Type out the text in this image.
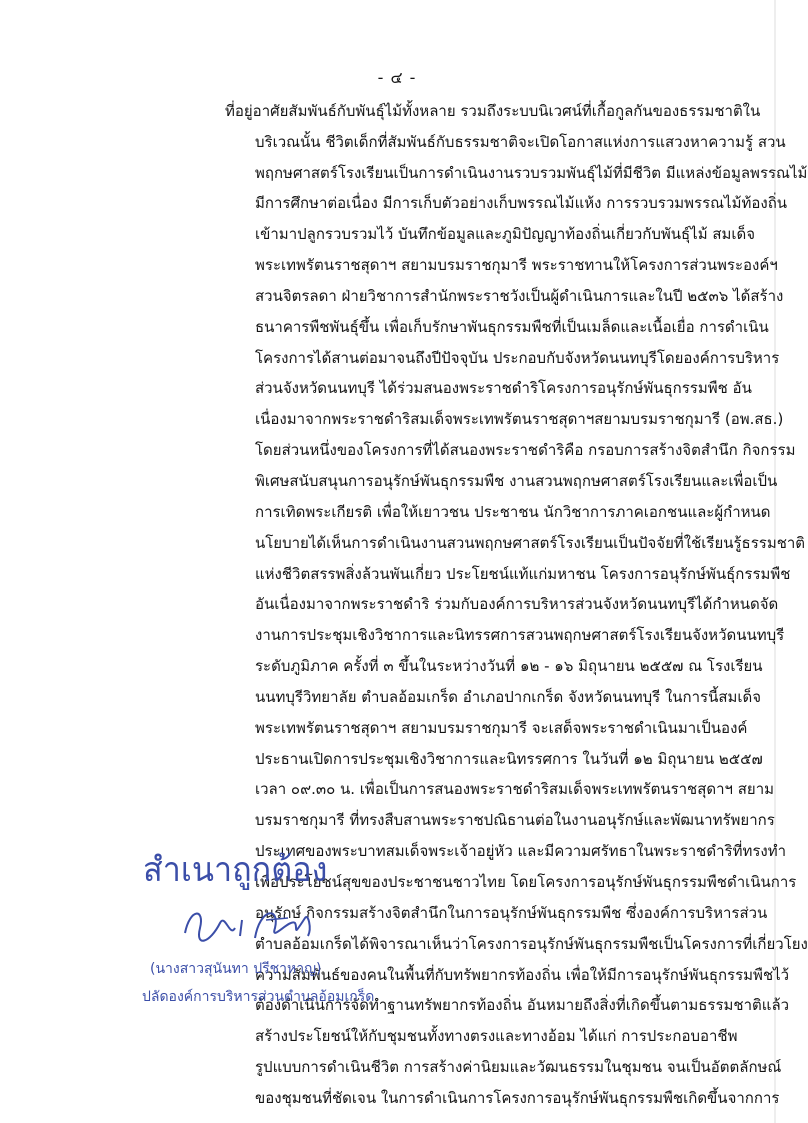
- ๔ -
ที่อยู่อาศัยสัมพันธ์กับพันธุ์ไม้ทั้งหลาย รวมถึงระบบนิเวศน์ที่เกื้อกูลกันของธรรมชาติใน
บริเวณนั้น ชีวิตเด็กที่สัมพันธ์กับธรรมชาติจะเปิดโอกาสแห่งการแสวงหาความรู้ สวน
พฤกษศาสตร์โรงเรียนเป็นการดำเนินงานรวบรวมพันธุ์ไม้ที่มีชีวิต มีแหล่งข้อมูลพรรณไม้
มีการศึกษาต่อเนื่อง มีการเก็บตัวอย่างเก็บพรรณไม้แห้ง การรวบรวมพรรณไม้ท้องถิ่น
เข้ามาปลูกรวบรวมไว้ บันทึกข้อมูลและภูมิปัญญาท้องถิ่นเกี่ยวกับพันธุ์ไม้ สมเด็จ
พระเทพรัตนราชสุดาฯ สยามบรมราชกุมารี พระราชทานให้โครงการส่วนพระองค์ฯ
สวนจิตรลดา ฝ่ายวิชาการสำนักพระราชวังเป็นผู้ดำเนินการและในปี ๒๕๓๖ ได้สร้าง
ธนาคารพืชพันธุ์ขึ้น เพื่อเก็บรักษาพันธุกรรมพืชที่เป็นเมล็ดและเนื้อเยื่อ การดำเนิน
โครงการได้สานต่อมาจนถึงปีปัจจุบัน ประกอบกับจังหวัดนนทบุรีโดยองค์การบริหาร
ส่วนจังหวัดนนทบุรี ได้ร่วมสนองพระราชดำริโครงการอนุรักษ์พันธุกรรมพืช อัน
เนื่องมาจากพระราชดำริสมเด็จพระเทพรัตนราชสุดาฯสยามบรมราชกุมารี (อพ.สธ.)
โดยส่วนหนึ่งของโครงการที่ได้สนองพระราชดำริคือ กรอบการสร้างจิตสำนึก กิจกรรม
พิเศษสนับสนุนการอนุรักษ์พันธุกรรมพืช งานสวนพฤกษศาสตร์โรงเรียนและเพื่อเป็น
การเทิดพระเกียรติ เพื่อให้เยาวชน ประชาชน นักวิชาการภาคเอกชนและผู้กำหนด
นโยบายได้เห็นการดำเนินงานสวนพฤกษศาสตร์โรงเรียนเป็นปัจจัยที่ใช้เรียนรู้ธรรมชาติ
แห่งชีวิตสรรพสิ่งล้วนพันเกี่ยว ประโยชน์แท้แก่มหาชน โครงการอนุรักษ์พันธุ์กรรมพืช
อันเนื่องมาจากพระราชดำริ ร่วมกับองค์การบริหารส่วนจังหวัดนนทบุรีได้กำหนดจัด
งานการประชุมเชิงวิชาการและนิทรรศการสวนพฤกษศาสตร์โรงเรียนจังหวัดนนทบุรี
ระดับภูมิภาค ครั้งที่ ๓ ขึ้นในระหว่างวันที่ ๑๒ - ๑๖ มิถุนายน ๒๕๕๗ ณ โรงเรียน
นนทบุรีวิทยาลัย ตำบลอ้อมเกร็ด อำเภอปากเกร็ด จังหวัดนนทบุรี ในการนี้สมเด็จ
พระเทพรัตนราชสุดาฯ สยามบรมราชกุมารี จะเสด็จพระราชดำเนินมาเป็นองค์
ประธานเปิดการประชุมเชิงวิชาการและนิทรรศการ ในวันที่ ๑๒ มิถุนายน ๒๕๕๗
เวลา ๐๙.๓๐ น. เพื่อเป็นการสนองพระราชดำริสมเด็จพระเทพรัตนราชสุดาฯ สยาม
บรมราชกุมารี ที่ทรงสืบสานพระราชปณิธานต่อในงานอนุรักษ์และพัฒนาทรัพยากร
ประเทศของพระบาทสมเด็จพระเจ้าอยู่หัว และมีความศรัทธาในพระราชดำริที่ทรงทำ
เพื่อประโยชน์สุขของประชาชนชาวไทย โดยโครงการอนุรักษ์พันธุกรรมพืชดำเนินการ
อนุรักษ์ กิจกรรมสร้างจิตสำนึกในการอนุรักษ์พันธุกรรมพืช ซึ่งองค์การบริหารส่วน
ตำบลอ้อมเกร็ดได้พิจารณาเห็นว่าโครงการอนุรักษ์พันธุกรรมพืชเป็นโครงการที่เกี่ยวโยง
ความสัมพันธ์ของคนในพื้นที่กับทรัพยากรท้องถิ่น เพื่อให้มีการอนุรักษ์พันธุกรรมพืชไว้
ต้องดำเนินการจัดทำฐานทรัพยากรท้องถิ่น อันหมายถึงสิ่งที่เกิดขึ้นตามธรรมชาติแล้ว
สร้างประโยชน์ให้กับชุมชนทั้งทางตรงและทางอ้อม ได้แก่ การประกอบอาชีพ
รูปแบบการดำเนินชีวิต การสร้างค่านิยมและวัฒนธรรมในชุมชน จนเป็นอัตตลักษณ์
ของชุมชนที่ชัดเจน ในการดำเนินการโครงการอนุรักษ์พันธุกรรมพืชเกิดขึ้นจากการ
สำเนาถูกต้อง
(นางสาวสุนันทา ปรีชาหาญ)
ปลัดองค์การบริหารส่วนตำบลอ้อมเกร็ด
